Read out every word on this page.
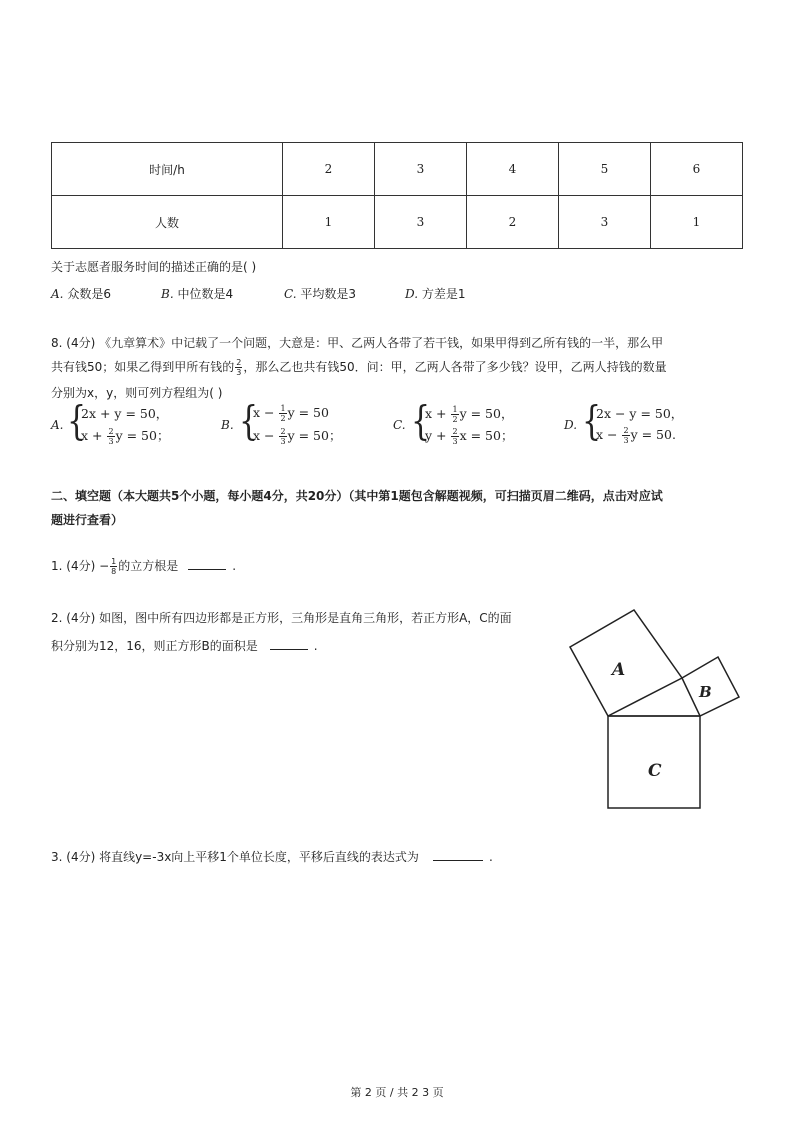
时间/h	2	3	4	5	6
人数	1	3	2	3	1
关于志愿者服务时间的描述正确的是( )
A. 众数是6	B. 中位数是4	C. 平均数是3	D. 方差是1
8. (4分) 《九章算术》中记载了一个问题，大意是：甲、乙两人各带了若干钱，如果甲得到乙所有钱的一半，那么甲
共有钱50；如果乙得到甲所有钱的 $\frac{2}{3}$ ，那么乙也共有钱50．问：甲，乙两人各带了多少钱？设甲，乙两人持钱的数量
分别为x，y，则可列方程组为( )
A. {
2x + y = 50，
$x + \frac{2}{3}$ y = 50；
B. {
$x - \frac{1}{2}$ y = 50
$x - \frac{2}{3}$ y = 50；
C. {
$x + \frac{1}{2}$ y = 50，
$y + \frac{2}{3}$ x = 50；
D. {
2x − y = 50，
$x - \frac{2}{3}$ y = 50.
二、填空题（本大题共5个小题，每小题4分，共20分）（其中第1题包含解题视频，可扫描页眉二维码，点击对应试
题进行查看）
1. (4分) − $\frac{1}{8}$ 的立方根是	.
2. (4分) 如图，图中所有四边形都是正方形，三角形是直角三角形，若正方形A，C的面
积分别为12，16，则正方形B的面积是	.
A
B
C
3. (4分) 将直线y=-3x向上平移1个单位长度，平移后直线的表达式为	.
第 2 页 / 共 2 3 页
